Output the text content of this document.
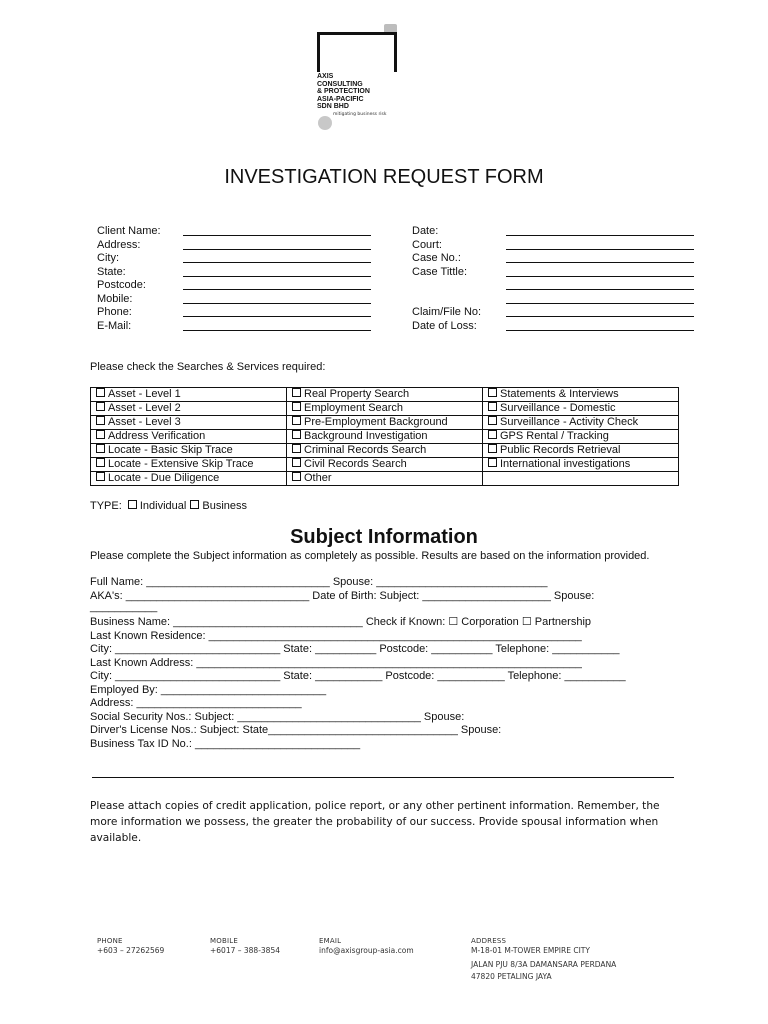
AXIS
CONSULTING
& PROTECTION
ASIA-PACIFIC
SDN BHD
mitigating business risk
INVESTIGATION REQUEST FORM
Client Name:
Address:
City:
State:
Postcode:
Mobile:
Phone:
E-Mail:
Date:
Court:
Case No.:
Case Tittle:
Claim/File No:
Date of Loss:
Please check the Searches & Services required:
Asset - Level 1	Real Property Search	Statements & Interviews
Asset - Level 2	Employment Search	Surveillance - Domestic
Asset - Level 3	Pre-Employment Background	Surveillance - Activity Check
Address Verification	Background Investigation	GPS Rental / Tracking
Locate - Basic Skip Trace	Criminal Records Search	Public Records Retrieval
Locate - Extensive Skip Trace	Civil Records Search	International investigations
Locate - Due Diligence	Other	
TYPE: Individual Business
Subject Information
Please complete the Subject information as completely as possible. Results are based on the information provided.
Full Name: ______________________________ Spouse: ____________________________
AKA's: ______________________________ Date of Birth: Subject: _____________________ Spouse:
___________
Business Name: _______________________________ Check if Known: ☐ Corporation ☐ Partnership
Last Known Residence: _____________________________________________________________
City: ___________________________ State: __________ Postcode: __________ Telephone: ___________
Last Known Address: _______________________________________________________________
City: ___________________________ State: ___________ Postcode: ___________ Telephone: __________
Employed By: ___________________________
Address: ___________________________
Social Security Nos.: Subject: ______________________________ Spouse:
Dirver's License Nos.: Subject: State_______________________________ Spouse:
Business Tax ID No.: ___________________________
Please attach copies of credit application, police report, or any other pertinent information. Remember, the more information we possess, the greater the probability of our success. Provide spousal information when available.
PHONE
+603 – 27262569
MOBILE
+6017 – 388-3854
EMAIL
info@axisgroup-asia.com
ADDRESS
M-18-01 M-TOWER EMPIRE CITY
JALAN PJU 8/3A DAMANSARA PERDANA
47820 PETALING JAYA
